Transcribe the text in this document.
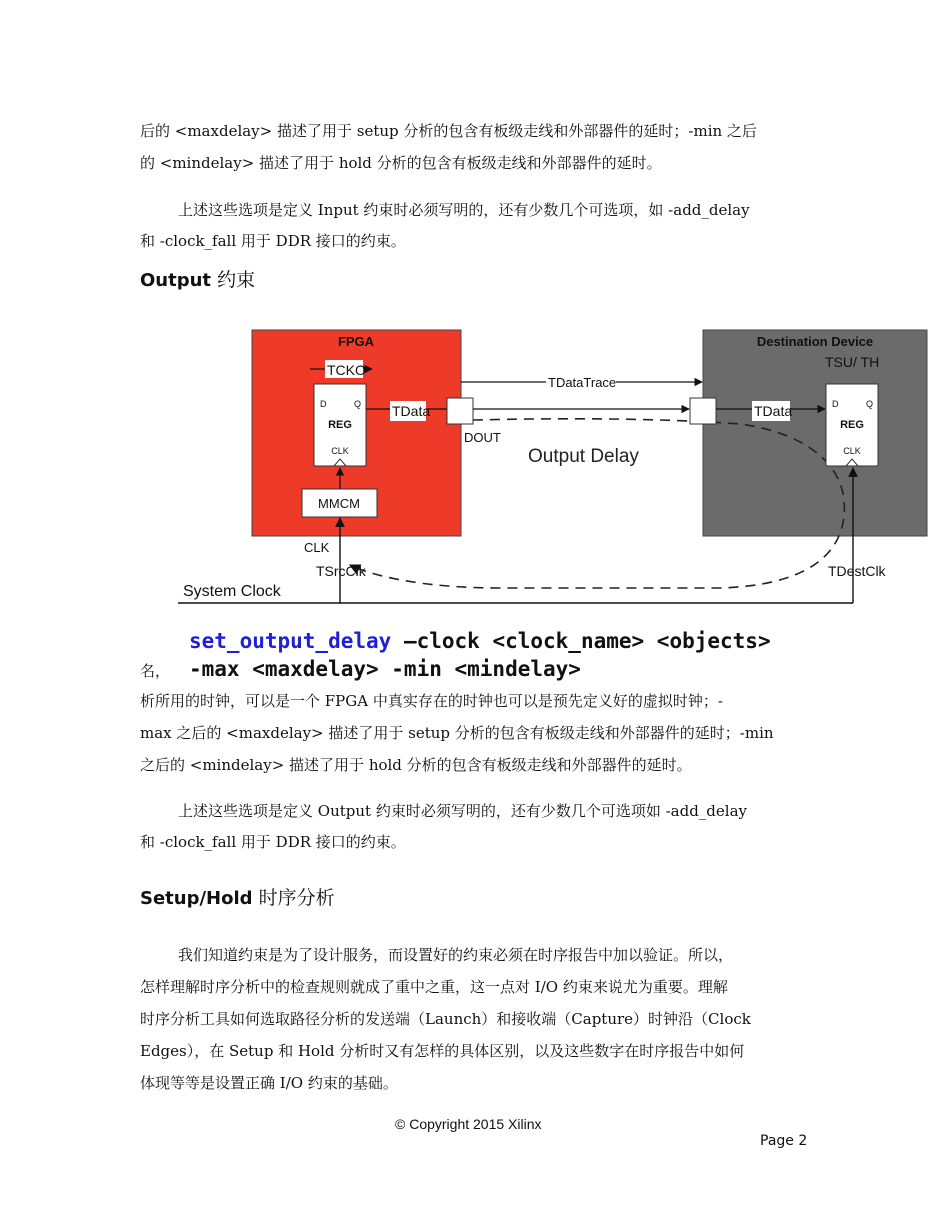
后的 <maxdelay> 描述了用于 setup 分析的包含有板级走线和外部器件的延时；-min 之后
的 <mindelay> 描述了用于 hold 分析的包含有板级走线和外部器件的延时。
上述这些选项是定义 Input 约束时必须写明的，还有少数几个可选项，如 -add_delay
和 -clock_fall 用于 DDR 接口的约束。
Output 约束
FPGA	Destination Device
TCKO
D	Q
REG
CLK
TData
DOUT
TDataTrace
Output Delay
TData
TSU/ TH
D	Q
REG
CLK
MMCM
CLK
TSrcClk	TDestClk
System Clock
set_output_delay –clock <clock_name> <objects>
名， -max <maxdelay> -min <mindelay>
析所用的时钟，可以是一个 FPGA 中真实存在的时钟也可以是预先定义好的虚拟时钟；-
max 之后的 <maxdelay> 描述了用于 setup 分析的包含有板级走线和外部器件的延时；-min
之后的 <mindelay> 描述了用于 hold 分析的包含有板级走线和外部器件的延时。
上述这些选项是定义 Output 约束时必须写明的，还有少数几个可选项如 -add_delay
和 -clock_fall 用于 DDR 接口的约束。
Setup/Hold 时序分析
我们知道约束是为了设计服务，而设置好的约束必须在时序报告中加以验证。所以，
怎样理解时序分析中的检查规则就成了重中之重，这一点对 I/O 约束来说尤为重要。理解
时序分析工具如何选取路径分析的发送端（Launch）和接收端（Capture）时钟沿（Clock
Edges），在 Setup 和 Hold 分析时又有怎样的具体区别，以及这些数字在时序报告中如何
体现等等是设置正确 I/O 约束的基础。
© Copyright 2015 Xilinx
Page 2
